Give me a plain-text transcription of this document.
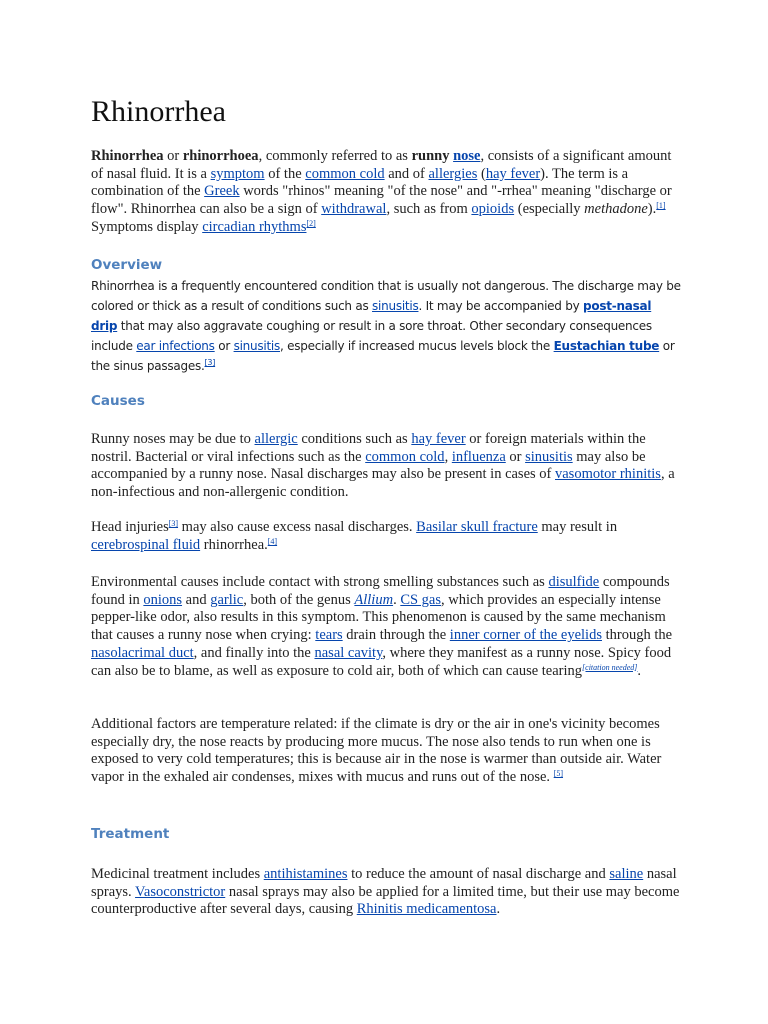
Rhinorrhea

Rhinorrhea or rhinorrhoea, commonly referred to as runny nose, consists of a significant amount of nasal fluid. It is a symptom of the common cold and of allergies (hay fever). The term is a combination of the Greek words "rhinos" meaning "of the nose" and "-rrhea" meaning "discharge or flow". Rhinorrhea can also be a sign of withdrawal, such as from opioids (especially methadone).[1] Symptoms display circadian rhythms[2]

Overview

Rhinorrhea is a frequently encountered condition that is usually not dangerous. The discharge may be colored or thick as a result of conditions such as sinusitis. It may be accompanied by post-nasal drip that may also aggravate coughing or result in a sore throat. Other secondary consequences include ear infections or sinusitis, especially if increased mucus levels block the Eustachian tube or the sinus passages.[3]

Causes

Runny noses may be due to allergic conditions such as hay fever or foreign materials within the nostril. Bacterial or viral infections such as the common cold, influenza or sinusitis may also be accompanied by a runny nose. Nasal discharges may also be present in cases of vasomotor rhinitis, a non-infectious and non-allergenic condition.

Head injuries[3] may also cause excess nasal discharges. Basilar skull fracture may result in cerebrospinal fluid rhinorrhea.[4]

Environmental causes include contact with strong smelling substances such as disulfide compounds found in onions and garlic, both of the genus Allium. CS gas, which provides an especially intense pepper-like odor, also results in this symptom. This phenomenon is caused by the same mechanism that causes a runny nose when crying: tears drain through the inner corner of the eyelids through the nasolacrimal duct, and finally into the nasal cavity, where they manifest as a runny nose. Spicy food can also be to blame, as well as exposure to cold air, both of which can cause tearing[citation needed].

Additional factors are temperature related: if the climate is dry or the air in one's vicinity becomes especially dry, the nose reacts by producing more mucus. The nose also tends to run when one is exposed to very cold temperatures; this is because air in the nose is warmer than outside air. Water vapor in the exhaled air condenses, mixes with mucus and runs out of the nose. [5]

Treatment

Medicinal treatment includes antihistamines to reduce the amount of nasal discharge and saline nasal sprays. Vasoconstrictor nasal sprays may also be applied for a limited time, but their use may become counterproductive after several days, causing Rhinitis medicamentosa.
